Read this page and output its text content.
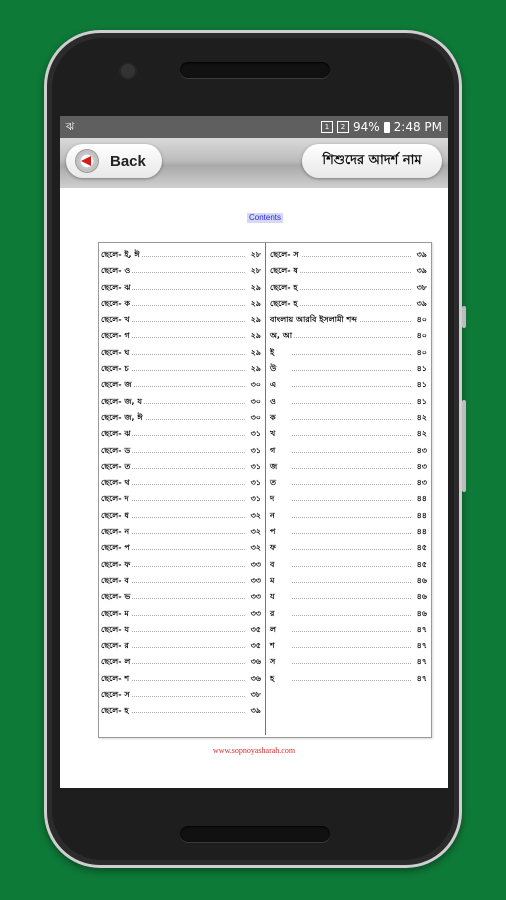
ঝ	1	2 94% 2:48 PM
Back	শিশুদের আদর্শ নাম
Contents
ছেলে- ই, ঈ	২৮
ছেলে- ও	২৮
ছেলে- ঝ	২৯
ছেলে- ক	২৯
ছেলে- খ	২৯
ছেলে- গ	২৯
ছেলে- ঘ	২৯
ছেলে- চ	২৯
ছেলে- জ	৩০
ছেলে- জ, য	৩০
ছেলে- জ, ঈ	৩০
ছেলে- ঝ	৩১
ছেলে- ড	৩১
ছেলে- ত	৩১
ছেলে- থ	৩১
ছেলে- দ	৩১
ছেলে- ধ	৩২
ছেলে- ন	৩২
ছেলে- প	৩২
ছেলে- ফ	৩৩
ছেলে- ব	৩৩
ছেলে- ভ	৩৩
ছেলে- ম	৩৩
ছেলে- য	৩৫
ছেলে- র	৩৫
ছেলে- ল	৩৬
ছেলে- শ	৩৬
ছেলে- স	৩৮
ছেলে- হ	৩৯
ছেলে- স	৩৯
ছেলে- ষ	৩৯
ছেলে- হ	৩৮
ছেলে- হ	৩৯
বাংলায় আরবি ইসলামী শব্দ	৪০
অ, আ	৪০
ই	৪০
উ	৪১
এ	৪১
ও	৪১
ক	৪২
খ	৪২
গ	৪৩
জ	৪৩
ত	৪৩
দ	৪৪
ন	৪৪
প	৪৪
ফ	৪৫
ব	৪৫
ম	৪৬
য	৪৬
র	৪৬
ল	৪৭
শ	৪৭
স	৪৭
হ	৪৭
www.sopnoyasharah.com
